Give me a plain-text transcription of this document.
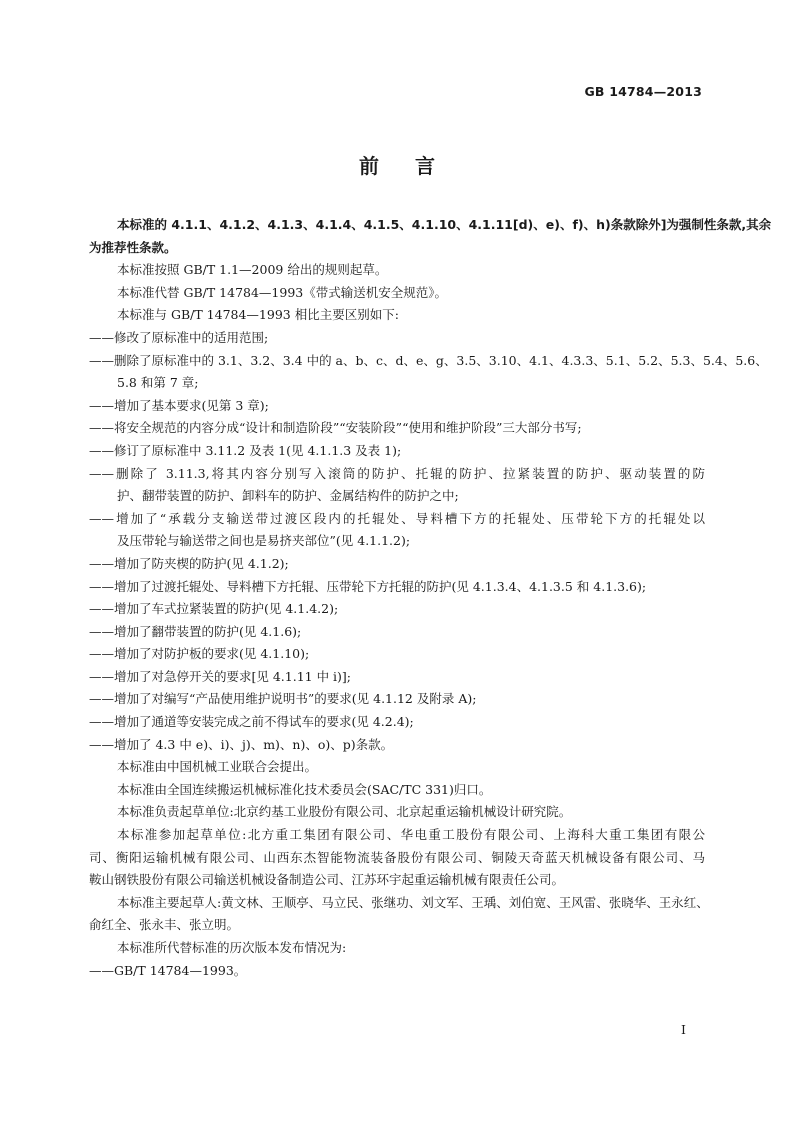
GB 14784—2013
前言
本标准的 4.1.1、4.1.2、4.1.3、4.1.4、4.1.5、4.1.10、4.1.11[d)、e)、f)、h)条款除外]为强制性条款,其余
为推荐性条款。
本标准按照 GB/T 1.1—2009 给出的规则起草。
本标准代替 GB/T 14784—1993《带式输送机安全规范》。
本标准与 GB/T 14784—1993 相比主要区别如下:
——修改了原标准中的适用范围;
——删除了原标准中的 3.1、3.2、3.4 中的 a、b、c、d、e、g、3.5、3.10、4.1、4.3.3、5.1、5.2、5.3、5.4、5.6、
5.8 和第 7 章;
——增加了基本要求(见第 3 章);
——将安全规范的内容分成“设计和制造阶段”“安装阶段”“使用和维护阶段”三大部分书写;
——修订了原标准中 3.11.2 及表 1(见 4.1.1.3 及表 1);
——删除了 3.11.3,将其内容分别写入滚筒的防护、托辊的防护、拉紧装置的防护、驱动装置的防
护、翻带装置的防护、卸料车的防护、金属结构件的防护之中;
——增加了“承载分支输送带过渡区段内的托辊处、导料槽下方的托辊处、压带轮下方的托辊处以
及压带轮与输送带之间也是易挤夹部位”(见 4.1.1.2);
——增加了防夹楔的防护(见 4.1.2);
——增加了过渡托辊处、导料槽下方托辊、压带轮下方托辊的防护(见 4.1.3.4、4.1.3.5 和 4.1.3.6);
——增加了车式拉紧装置的防护(见 4.1.4.2);
——增加了翻带装置的防护(见 4.1.6);
——增加了对防护板的要求(见 4.1.10);
——增加了对急停开关的要求[见 4.1.11 中 i)];
——增加了对编写“产品使用维护说明书”的要求(见 4.1.12 及附录 A);
——增加了通道等安装完成之前不得试车的要求(见 4.2.4);
——增加了 4.3 中 e)、i)、j)、m)、n)、o)、p)条款。
本标准由中国机械工业联合会提出。
本标准由全国连续搬运机械标准化技术委员会(SAC/TC 331)归口。
本标准负责起草单位:北京约基工业股份有限公司、北京起重运输机械设计研究院。
本标准参加起草单位:北方重工集团有限公司、华电重工股份有限公司、上海科大重工集团有限公
司、衡阳运输机械有限公司、山西东杰智能物流装备股份有限公司、铜陵天奇蓝天机械设备有限公司、马
鞍山钢铁股份有限公司输送机械设备制造公司、江苏环宇起重运输机械有限责任公司。
本标准主要起草人:黄文林、王顺亭、马立民、张继功、刘文军、王瑀、刘伯宽、王风雷、张晓华、王永红、
俞红全、张永丰、张立明。
本标准所代替标准的历次版本发布情况为:
——GB/T 14784—1993。
I
